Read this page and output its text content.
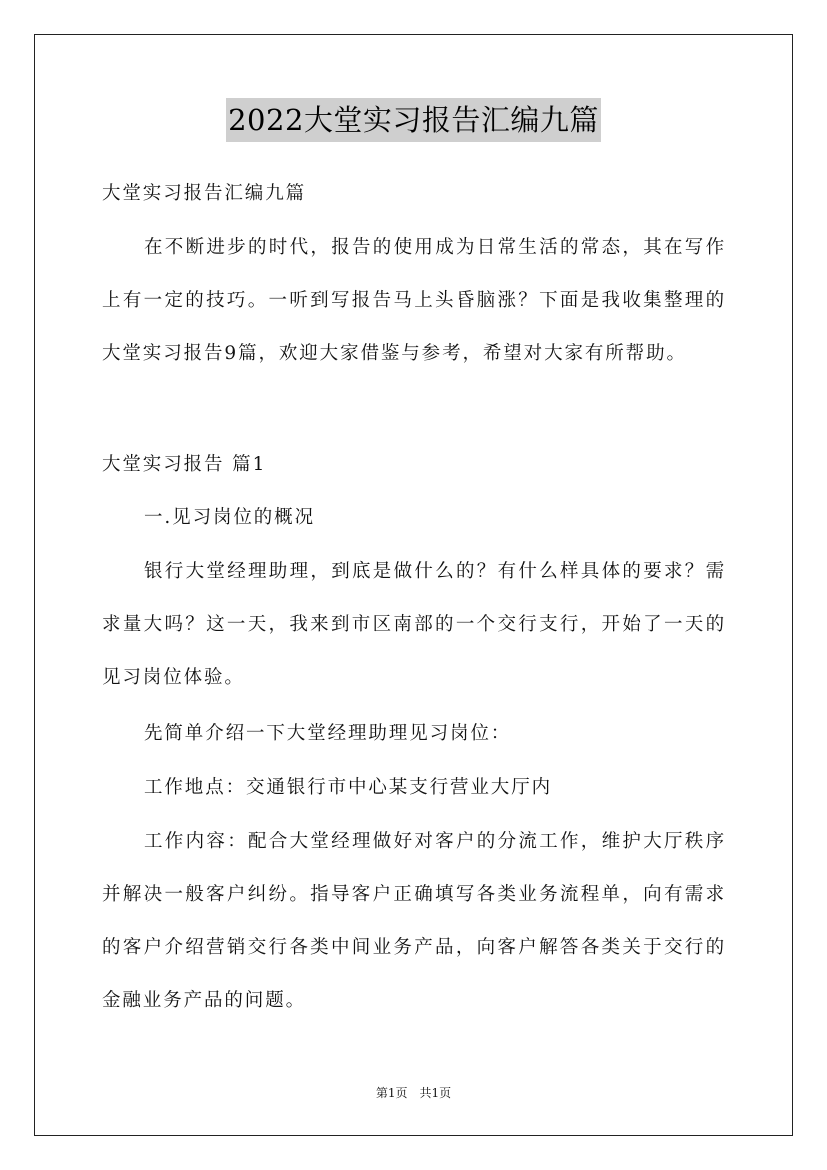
2022大堂实习报告汇编九篇

大堂实习报告汇编九篇

在不断进步的时代，报告的使用成为日常生活的常态，其在写作上有一定的技巧。一听到写报告马上头昏脑涨？下面是我收集整理的大堂实习报告9篇，欢迎大家借鉴与参考，希望对大家有所帮助。

大堂实习报告 篇1

一.见习岗位的概况

银行大堂经理助理，到底是做什么的？有什么样具体的要求？需求量大吗？这一天，我来到市区南部的一个交行支行，开始了一天的见习岗位体验。

先简单介绍一下大堂经理助理见习岗位：

工作地点：交通银行市中心某支行营业大厅内

工作内容：配合大堂经理做好对客户的分流工作，维护大厅秩序并解决一般客户纠纷。指导客户正确填写各类业务流程单，向有需求的客户介绍营销交行各类中间业务产品，向客户解答各类关于交行的金融业务产品的问题。

第1页　共1页
